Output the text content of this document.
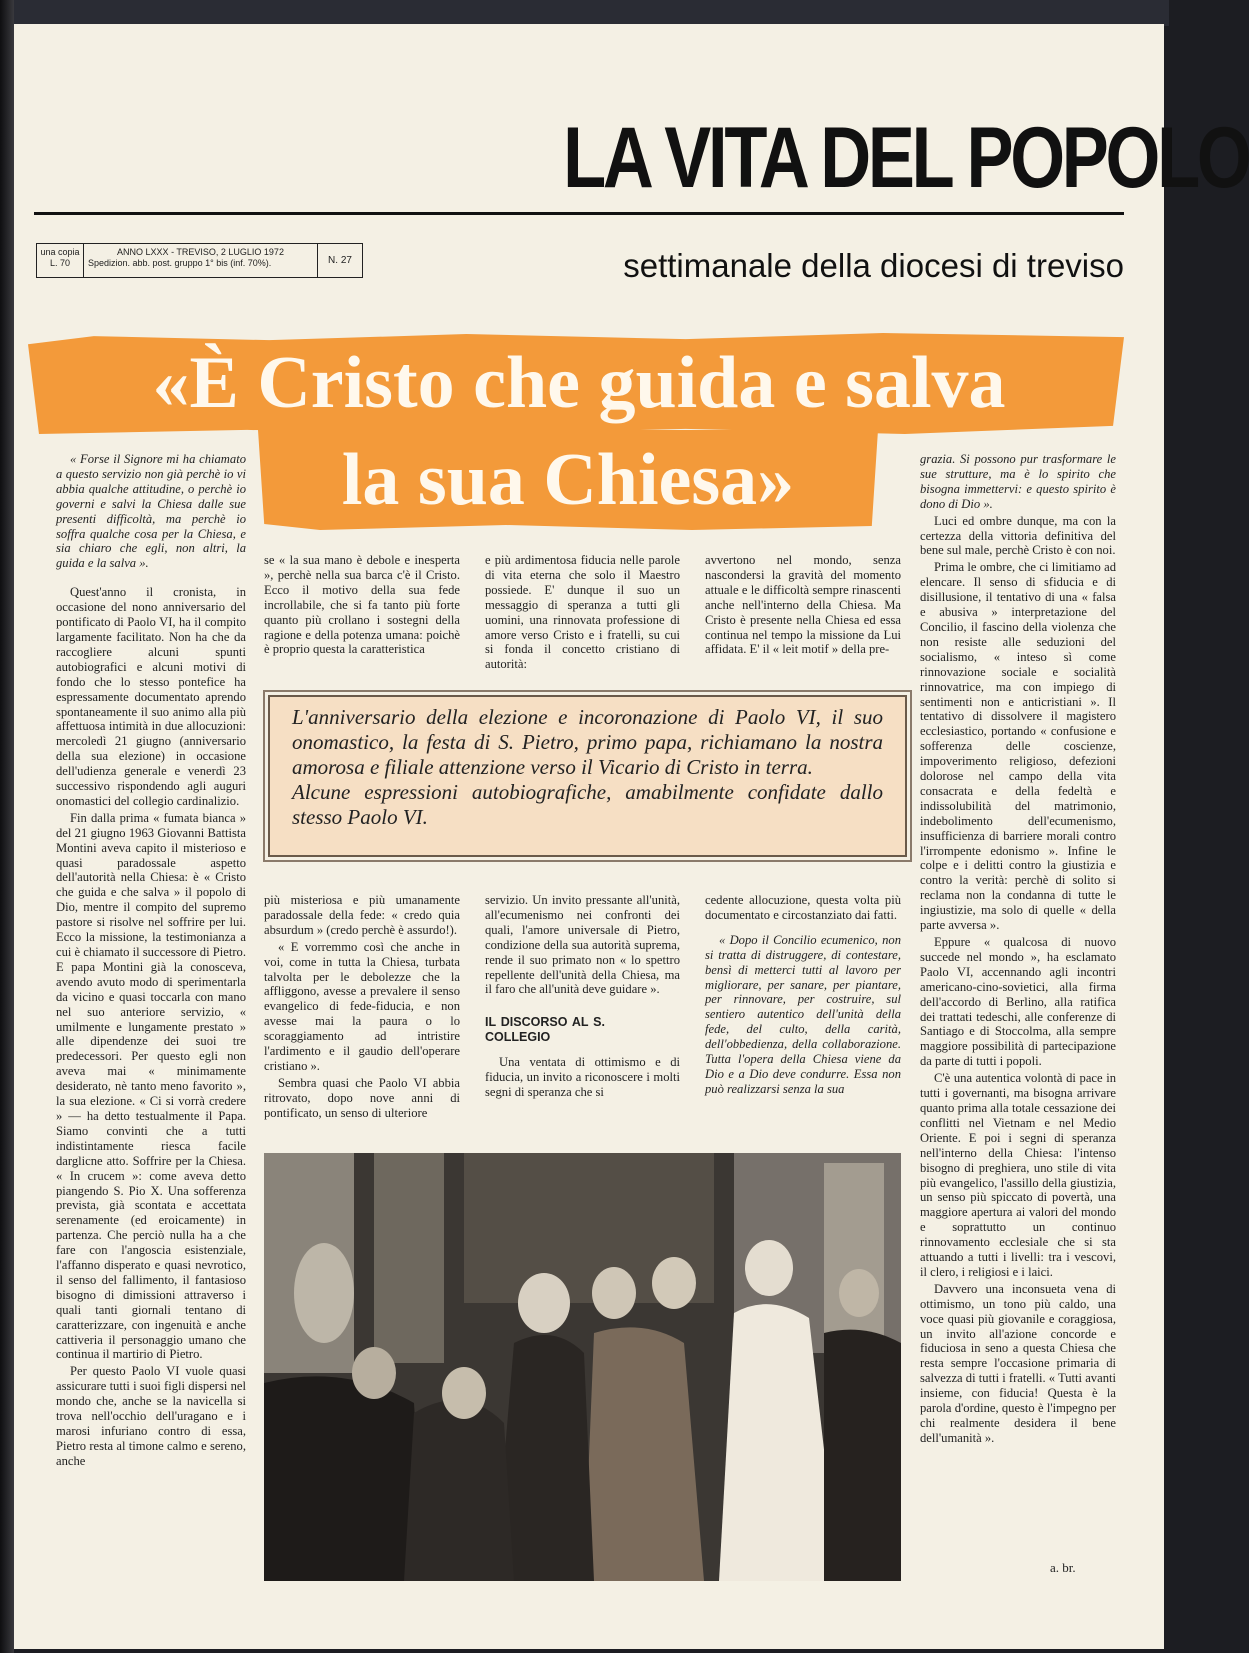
LA VITA DEL POPOLO
una copia
L. 70
ANNO LXXX - TREVISO, 2 LUGLIO 1972
Spedizion. abb. post. gruppo 1° bis (inf. 70%).	N. 27	settimanale della diocesi di treviso
«È Cristo che guida e salva
la sua Chiesa»

« Forse il Signore mi ha chiamato a questo servizio non già perchè io vi abbia qualche attitudine, o perchè io governi e salvi la Chiesa dalle sue presenti difficoltà, ma perchè io soffra qualche cosa per la Chiesa, e sia chiaro che egli, non altri, la guida e la salva ».

Quest'anno il cronista, in occasione del nono anniversario del pontificato di Paolo VI, ha il compito largamente facilitato. Non ha che da raccogliere alcuni spunti autobiografici e alcuni motivi di fondo che lo stesso pontefice ha espressamente documentato aprendo spontaneamente il suo animo alla più affettuosa intimità in due allocuzioni: mercoledì 21 giugno (anniversario della sua elezione) in occasione dell'udienza generale e venerdì 23 successivo rispondendo agli auguri onomastici del collegio cardinalizio.

Fin dalla prima « fumata bianca » del 21 giugno 1963 Giovanni Battista Montini aveva capito il misterioso e quasi paradossale aspetto dell'autorità nella Chiesa: è « Cristo che guida e che salva » il popolo di Dio, mentre il compito del supremo pastore si risolve nel soffrire per lui. Ecco la missione, la testimonianza a cui è chiamato il successore di Pietro. E papa Montini già la conosceva, avendo avuto modo di sperimentarla da vicino e quasi toccarla con mano nel suo anteriore servizio, « umilmente e lungamente prestato » alle dipendenze dei suoi tre predecessori. Per questo egli non aveva mai « minimamente desiderato, nè tanto meno favorito », la sua elezione. « Ci si vorrà credere » — ha detto testualmente il Papa. Siamo convinti che a tutti indistintamente riesca facile darglicne atto. Soffrire per la Chiesa. « In crucem »: come aveva detto piangendo S. Pio X. Una sofferenza prevista, già scontata e accettata serenamente (ed eroicamente) in partenza. Che perciò nulla ha a che fare con l'angoscia esistenziale, l'affanno disperato e quasi nevrotico, il senso del fallimento, il fantasioso bisogno di dimissioni attraverso i quali tanti giornali tentano di caratterizzare, con ingenuità e anche cattiveria il personaggio umano che continua il martirio di Pietro.

Per questo Paolo VI vuole quasi assicurare tutti i suoi figli dispersi nel mondo che, anche se la navicella si trova nell'occhio dell'uragano e i marosi infuriano contro di essa, Pietro resta al timone calmo e sereno, anche

se « la sua mano è debole e inesperta », perchè nella sua barca c'è il Cristo. Ecco il motivo della sua fede incrollabile, che si fa tanto più forte quanto più crollano i sostegni della ragione e della potenza umana: poichè è proprio questa la caratteristica

e più ardimentosa fiducia nelle parole di vita eterna che solo il Maestro possiede. E' dunque il suo un messaggio di speranza a tutti gli uomini, una rinnovata professione di amore verso Cristo e i fratelli, su cui si fonda il concetto cristiano di autorità:

avvertono nel mondo, senza nascondersi la gravità del momento attuale e le difficoltà sempre rinascenti anche nell'interno della Chiesa. Ma Cristo è presente nella Chiesa ed essa continua nel tempo la missione da Lui affidata. E' il « leit motif » della pre-

L'anniversario della elezione e incoronazione di Paolo VI, il suo onomastico, la festa di S. Pietro, primo papa, richiamano la nostra amorosa e filiale attenzione verso il Vicario di Cristo in terra.

Alcune espressioni autobiografiche, amabilmente confidate dallo stesso Paolo VI.

più misteriosa e più umanamente paradossale della fede: « credo quia absurdum » (credo perchè è assurdo!).

« E vorremmo così che anche in voi, come in tutta la Chiesa, turbata talvolta per le debolezze che la affliggono, avesse a prevalere il senso evangelico di fede-fiducia, e non avesse mai la paura o lo scoraggiamento ad intristire l'ardimento e il gaudio dell'operare cristiano ».

Sembra quasi che Paolo VI abbia ritrovato, dopo nove anni di pontificato, un senso di ulteriore

servizio. Un invito pressante all'unità, all'ecumenismo nei confronti dei quali, l'amore universale di Pietro, condizione della sua autorità suprema, rende il suo primato non « lo spettro repellente dell'unità della Chiesa, ma il faro che all'unità deve guidare ».

IL DISCORSO AL S. COLLEGIO

Una ventata di ottimismo e di fiducia, un invito a riconoscere i molti segni di speranza che si

cedente allocuzione, questa volta più documentato e circostanziato dai fatti.

« Dopo il Concilio ecumenico, non si tratta di distruggere, di contestare, bensì di metterci tutti al lavoro per migliorare, per sanare, per piantare, per rinnovare, per costruire, sul sentiero autentico dell'unità della fede, del culto, della carità, dell'obbedienza, della collaborazione. Tutta l'opera della Chiesa viene da Dio e a Dio deve condurre. Essa non può realizzarsi senza la sua

grazia. Si possono pur trasformare le sue strutture, ma è lo spirito che bisogna immettervi: e questo spirito è dono di Dio ».

Luci ed ombre dunque, ma con la certezza della vittoria definitiva del bene sul male, perchè Cristo è con noi.

Prima le ombre, che ci limitiamo ad elencare. Il senso di sfiducia e di disillusione, il tentativo di una « falsa e abusiva » interpretazione del Concilio, il fascino della violenza che non resiste alle seduzioni del socialismo, « inteso sì come rinnovazione sociale e socialità rinnovatrice, ma con impiego di sentimenti non e anticristiani ». Il tentativo di dissolvere il magistero ecclesiastico, portando « confusione e sofferenza delle coscienze, impoverimento religioso, defezioni dolorose nel campo della vita consacrata e della fedeltà e indissolubilità del matrimonio, indebolimento dell'ecumenismo, insufficienza di barriere morali contro l'irrompente edonismo ». Infine le colpe e i delitti contro la giustizia e contro la verità: perchè di solito si reclama non la condanna di tutte le ingiustizie, ma solo di quelle « della parte avversa ».

Eppure « qualcosa di nuovo succede nel mondo », ha esclamato Paolo VI, accennando agli incontri americano-cino-sovietici, alla firma dell'accordo di Berlino, alla ratifica dei trattati tedeschi, alle conferenze di Santiago e di Stoccolma, alla sempre maggiore possibilità di partecipazione da parte di tutti i popoli.

C'è una autentica volontà di pace in tutti i governanti, ma bisogna arrivare quanto prima alla totale cessazione dei conflitti nel Vietnam e nel Medio Oriente. E poi i segni di speranza nell'interno della Chiesa: l'intenso bisogno di preghiera, uno stile di vita più evangelico, l'assillo della giustizia, un senso più spiccato di povertà, una maggiore apertura ai valori del mondo e soprattutto un continuo rinnovamento ecclesiale che si sta attuando a tutti i livelli: tra i vescovi, il clero, i religiosi e i laici.

Davvero una inconsueta vena di ottimismo, un tono più caldo, una voce quasi più giovanile e coraggiosa, un invito all'azione concorde e fiduciosa in seno a questa Chiesa che resta sempre l'occasione primaria di salvezza di tutti i fratelli. « Tutti avanti insieme, con fiducia! Questa è la parola d'ordine, questo è l'impegno per chi realmente desidera il bene dell'umanità ».

a. br.
